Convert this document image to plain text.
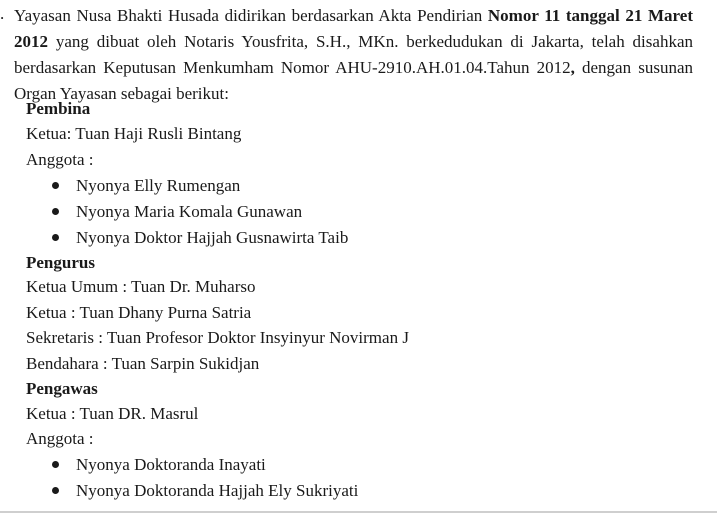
. Yayasan Nusa Bhakti Husada didirikan berdasarkan Akta Pendirian Nomor 11 tanggal 21 Maret 2012 yang dibuat oleh Notaris Yousfrita, S.H., MKn. berkedudukan di Jakarta, telah disahkan berdasarkan Keputusan Menkumham Nomor AHU-2910.AH.01.04.Tahun 2012, dengan susunan Organ Yayasan sebagai berikut:

Pembina
Ketua: Tuan Haji Rusli Bintang
Anggota :
Nyonya Elly Rumengan
Nyonya Maria Komala Gunawan
Nyonya Doktor Hajjah Gusnawirta Taib
Pengurus
Ketua Umum : Tuan Dr. Muharso
Ketua : Tuan Dhany Purna Satria
Sekretaris : Tuan Profesor Doktor Insyinyur Novirman J
Bendahara : Tuan Sarpin Sukidjan
Pengawas
Ketua : Tuan DR. Masrul
Anggota :
Nyonya Doktoranda Inayati
Nyonya Doktoranda Hajjah Ely Sukriyati
